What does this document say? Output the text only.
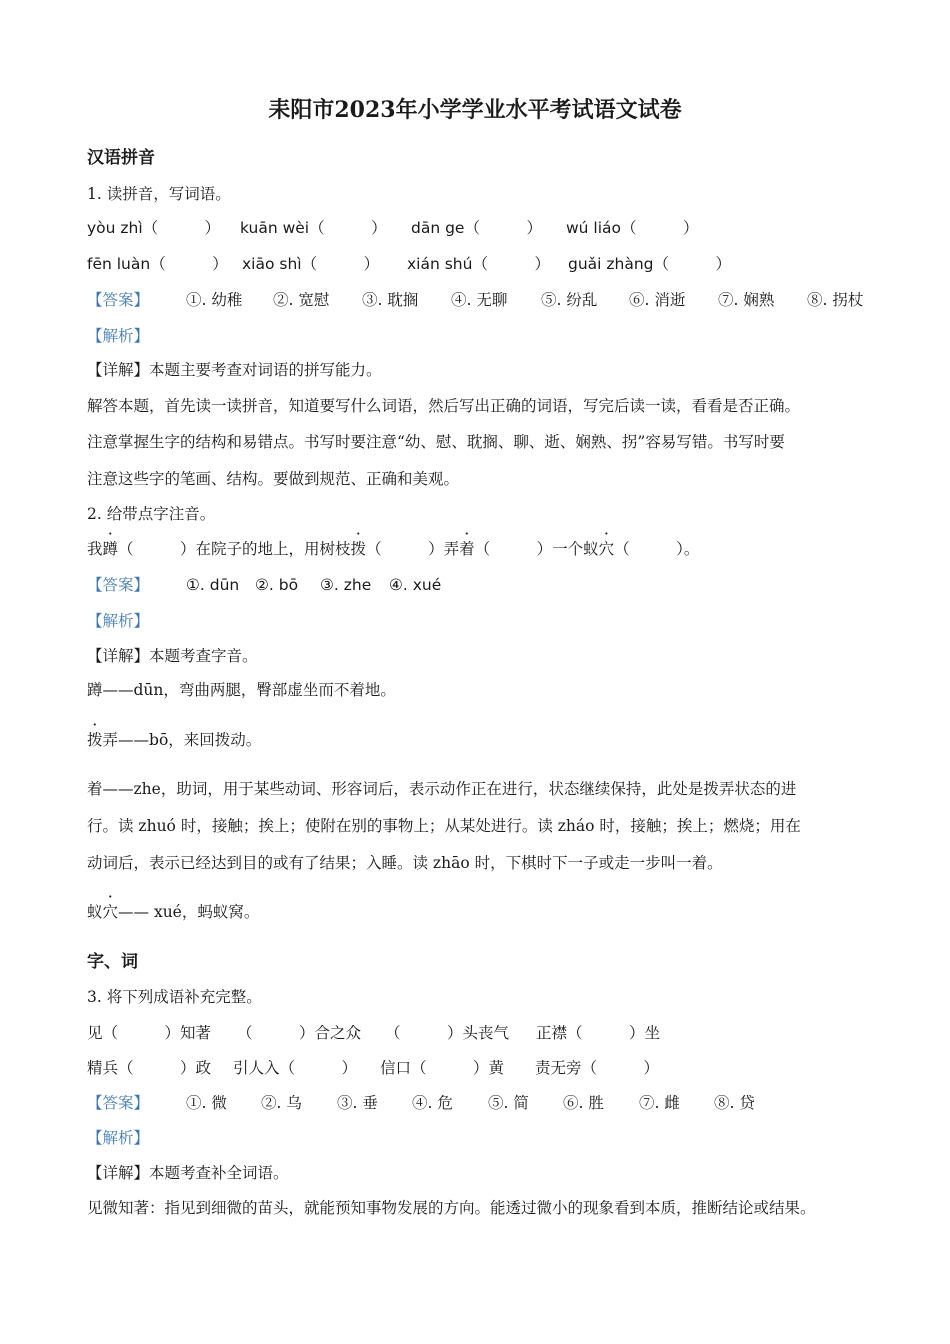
耒阳市2023年小学学业水平考试语文试卷
汉语拼音
1. 读拼音，写词语。
yòu zhì（　　　） kuān wèi（　　　） dān ge（　　　） wú liáo（　　　）
fēn luàn（　　　） xiāo shì（　　　） xián shú（　　　） guǎi zhàng（　　　）
【答案】 ①. 幼稚 ②. 宽慰 ③. 耽搁 ④. 无聊 ⑤. 纷乱 ⑥. 消逝 ⑦. 娴熟 ⑧. 拐杖
【解析】
【详解】本题主要考查对词语的拼写能力。
解答本题，首先读一读拼音，知道要写什么词语，然后写出正确的词语，写完后读一读，看看是否正确。
注意掌握生字的结构和易错点。书写时要注意“幼、慰、耽搁、聊、逝、娴熟、拐”容易写错。书写时要
注意这些字的笔画、结构。要做到规范、正确和美观。
2. 给带点字注音。
我蹲（　　　）在院子的地上，用树枝拨（　　　）弄着（　　　）一个蚁穴（　　　）。
【答案】 ①. dūn ②. bō ③. zhe ④. xué
【解析】
【详解】本题考查字音。
蹲——dūn，弯曲两腿，臀部虚坐而不着地。
拨弄——bō，来回拨动。
着——zhe，助词，用于某些动词、形容词后，表示动作正在进行，状态继续保持，此处是拨弄状态的进
行。读 zhuó 时，接触；挨上；使附在别的事物上；从某处进行。读 zháo 时，接触；挨上；燃烧；用在
动词后，表示已经达到目的或有了结果；入睡。读 zhāo 时，下棋时下一子或走一步叫一着。
蚁穴—— xué，蚂蚁窝。
字、词
3. 将下列成语补充完整。
见（　　　）知著 （　　　）合之众 （　　　）头丧气 正襟（　　　）坐
精兵（　　　）政 引人入（　　　） 信口（　　　）黄 责无旁（　　　）
【答案】 ①. 微 ②. 乌 ③. 垂 ④. 危 ⑤. 简 ⑥. 胜 ⑦. 雌 ⑧. 贷
【解析】
【详解】本题考查补全词语。
见微知著：指见到细微的苗头，就能预知事物发展的方向。能透过微小的现象看到本质，推断结论或结果。
